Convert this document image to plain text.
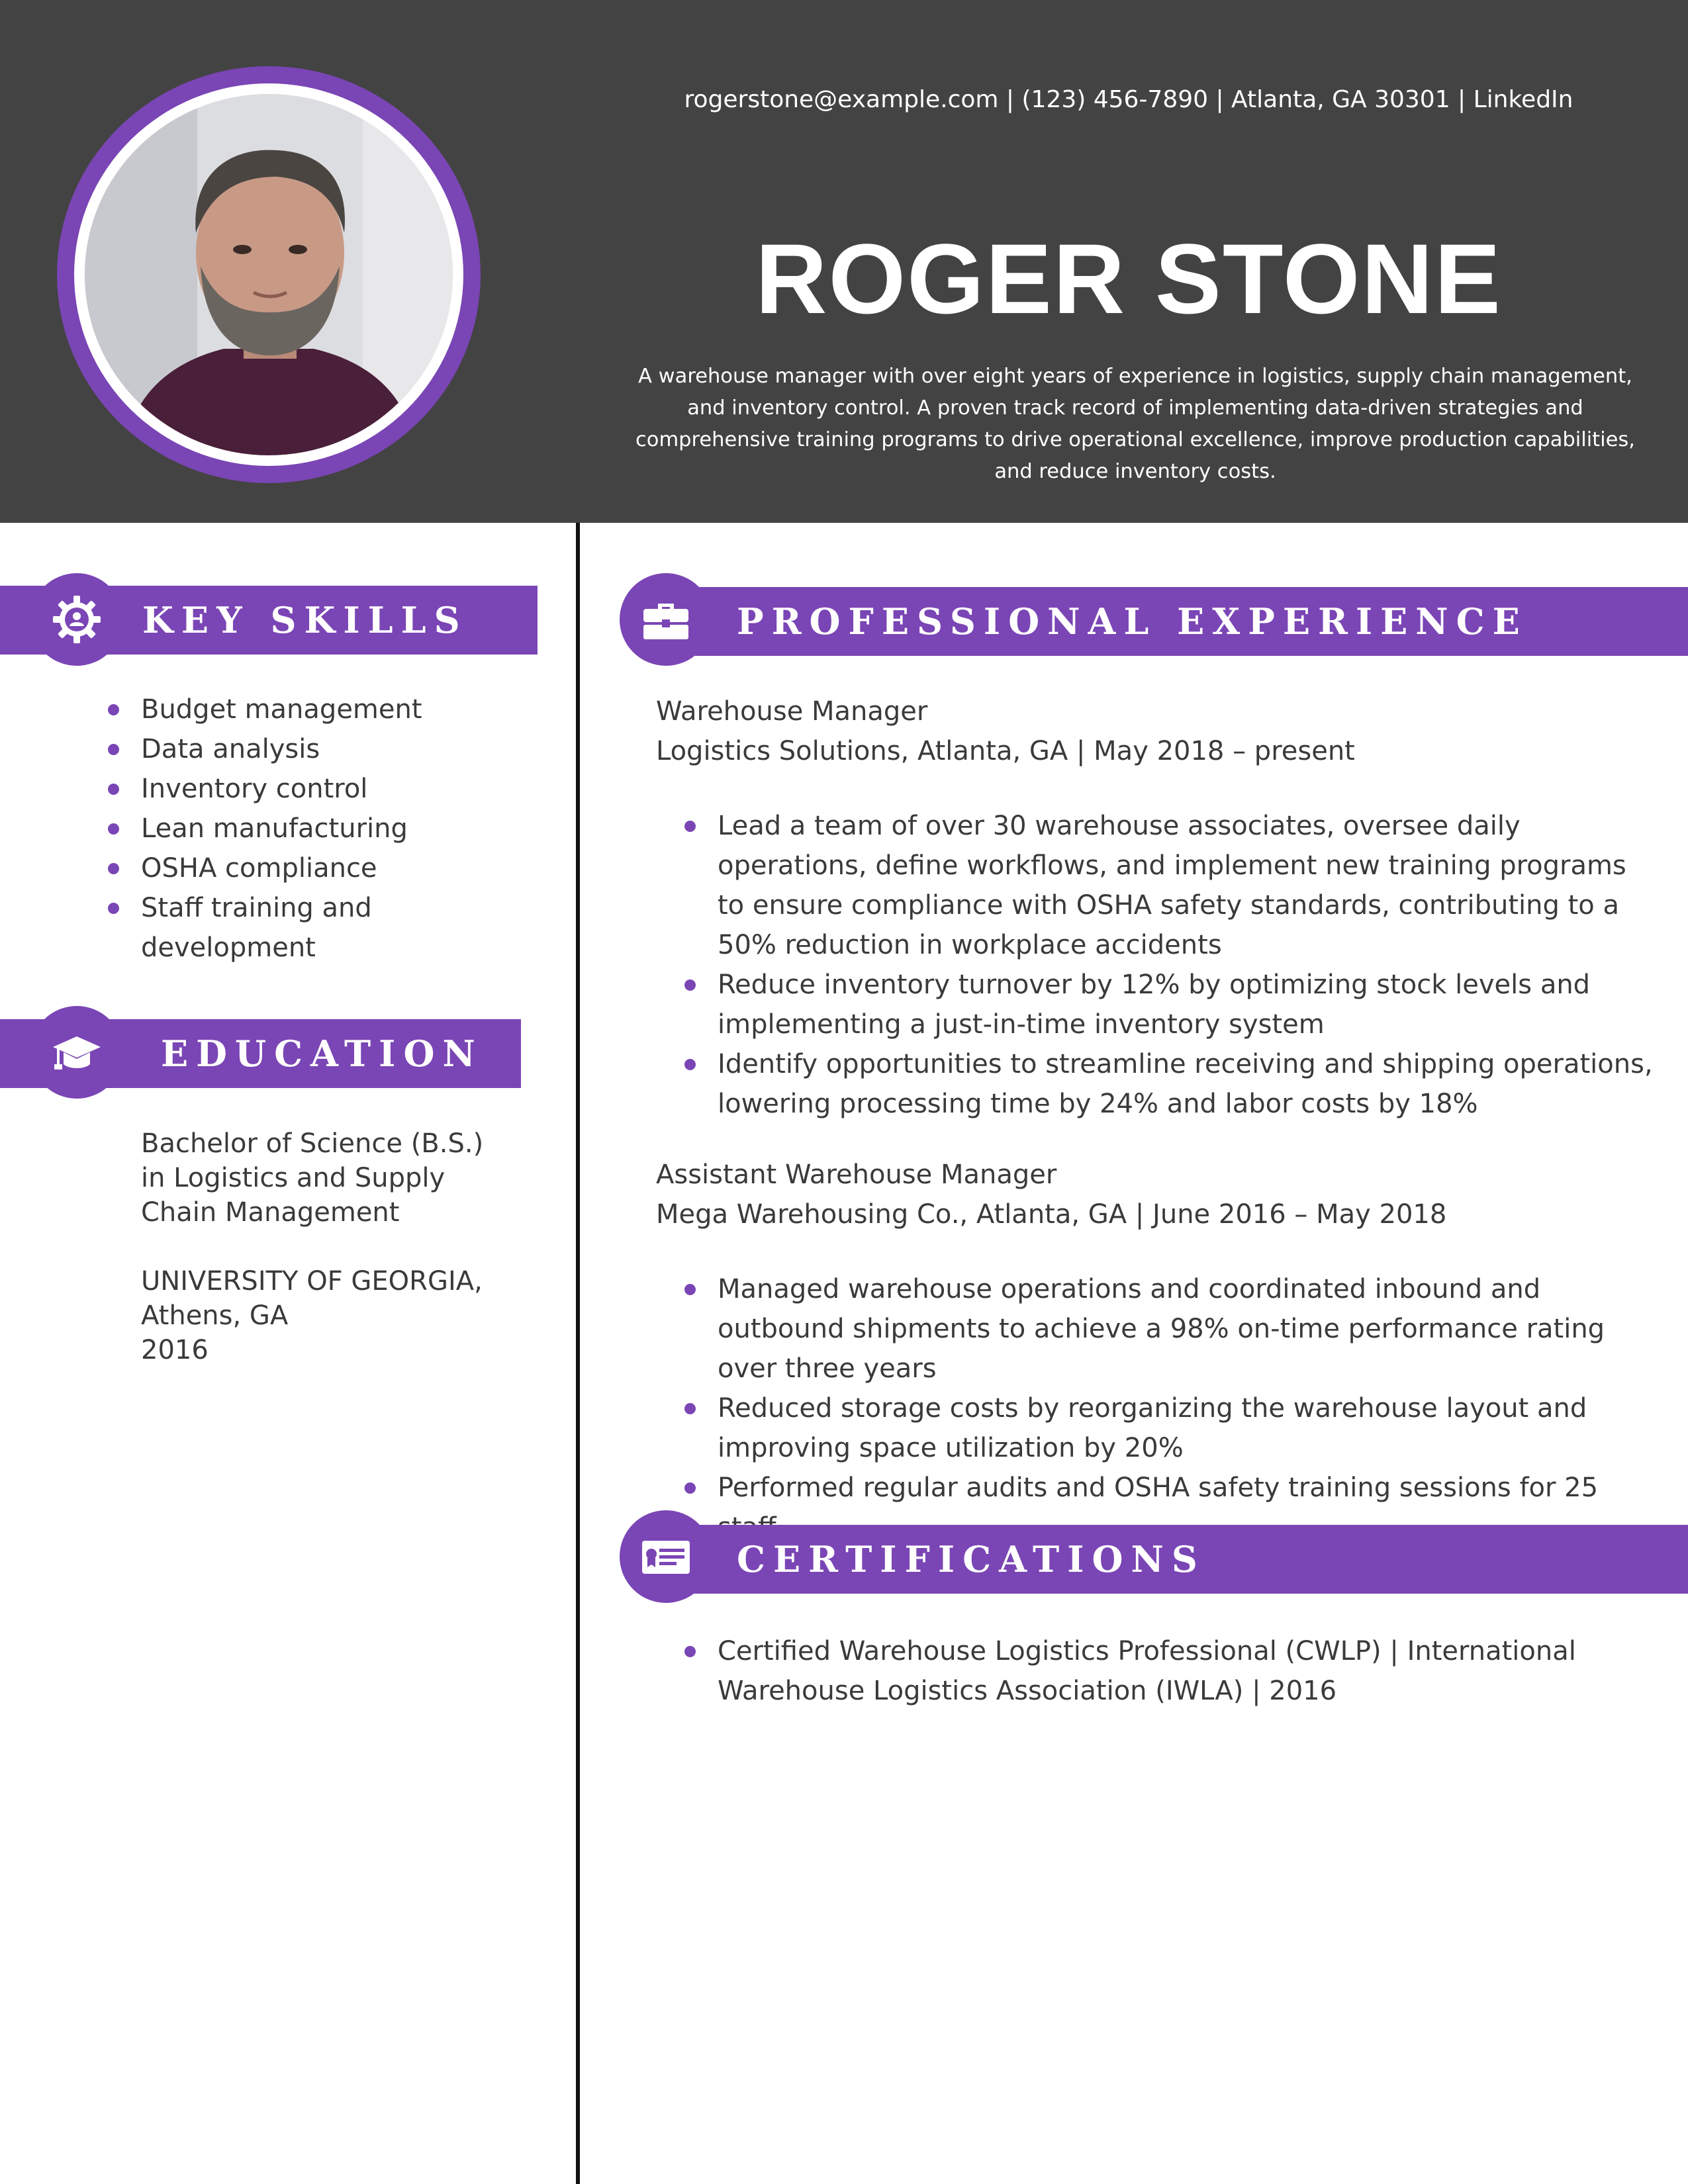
rogerstone@example.com | (123) 456-7890 | Atlanta, GA 30301 | LinkedIn
ROGER STONE
A warehouse manager with over eight years of experience in logistics, supply chain management, and inventory control. A proven track record of implementing data-driven strategies and comprehensive training programs to drive operational excellence, improve production capabilities, and reduce inventory costs.
KEY SKILLS
Budget management
Data analysis
Inventory control
Lean manufacturing
OSHA compliance
Staff training and development
EDUCATION
Bachelor of Science (B.S.) in Logistics and Supply Chain Management
UNIVERSITY OF GEORGIA, Athens, GA
2016
PROFESSIONAL EXPERIENCE
Warehouse Manager
Logistics Solutions, Atlanta, GA | May 2018 – present
Lead a team of over 30 warehouse associates, oversee daily operations, define workflows, and implement new training programs to ensure compliance with OSHA safety standards, contributing to a 50% reduction in workplace accidents
Reduce inventory turnover by 12% by optimizing stock levels and implementing a just-in-time inventory system
Identify opportunities to streamline receiving and shipping operations, lowering processing time by 24% and labor costs by 18%
Assistant Warehouse Manager
Mega Warehousing Co., Atlanta, GA | June 2016 – May 2018
Managed warehouse operations and coordinated inbound and outbound shipments to achieve a 98% on-time performance rating over three years
Reduced storage costs by reorganizing the warehouse layout and improving space utilization by 20%
Performed regular audits and OSHA safety training sessions for 25
CERTIFICATIONS
Certified Warehouse Logistics Professional (CWLP) | International Warehouse Logistics Association (IWLA) | 2016
